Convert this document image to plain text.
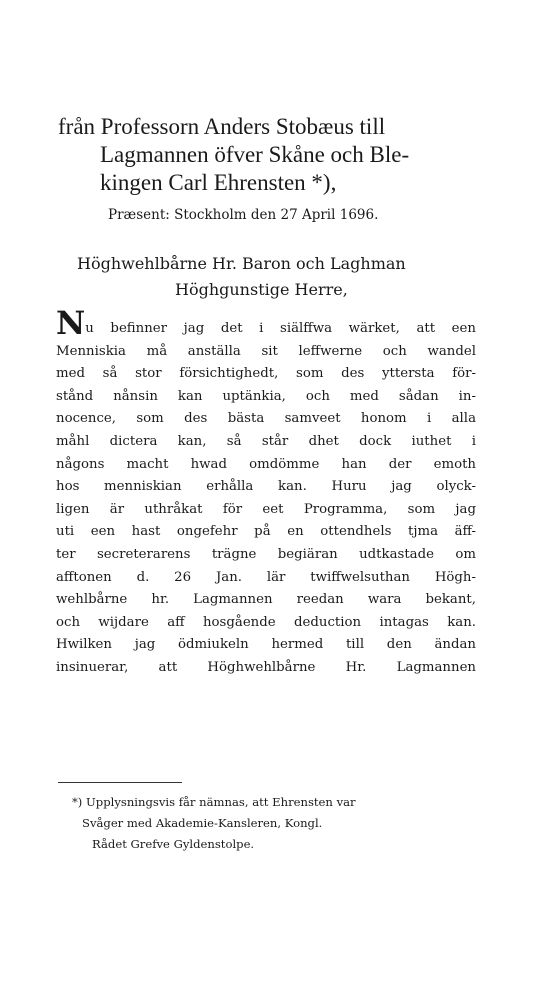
från Professorn Anders Stobæus till
Lagmannen öfver Skåne och Ble-
kingen Carl Ehrensten *),
Præsent: Stockholm den 27 April 1696.
Höghwehlbårne Hr. Baron och Laghman
Höghgunstige Herre,
Nu befinner jag det i siälffwa wärket, att een
Menniskia må anställa sit leffwerne och wandel
med så stor försichtighedt, som des yttersta för-
stånd nånsin kan uptänkia, och med sådan in-
nocence, som des bästa samveet honom i alla
måhl dictera kan, så står dhet dock iuthet i
någons macht hwad omdömme han der emoth
hos menniskian erhålla kan. Huru jag olyck-
ligen är uthråkat för eet Programma, som jag
uti een hast ongefehr på en ottendhels tjma äff-
ter secreterarens trägne begiäran udtkastade om
afftonen d. 26 Jan. lär twiffwelsuthan Högh-
wehlbårne hr. Lagmannen reedan wara bekant,
och wijdare aff hosgående deduction intagas kan.
Hwilken jag ödmiukeln hermed till den ändan
insinuerar, att Höghwehlbårne Hr. Lagmannen
*) Upplysningsvis får nämnas, att Ehrensten var
Svåger med Akademie-Kansleren, Kongl.
Rådet Grefve Gyldenstolpe.
